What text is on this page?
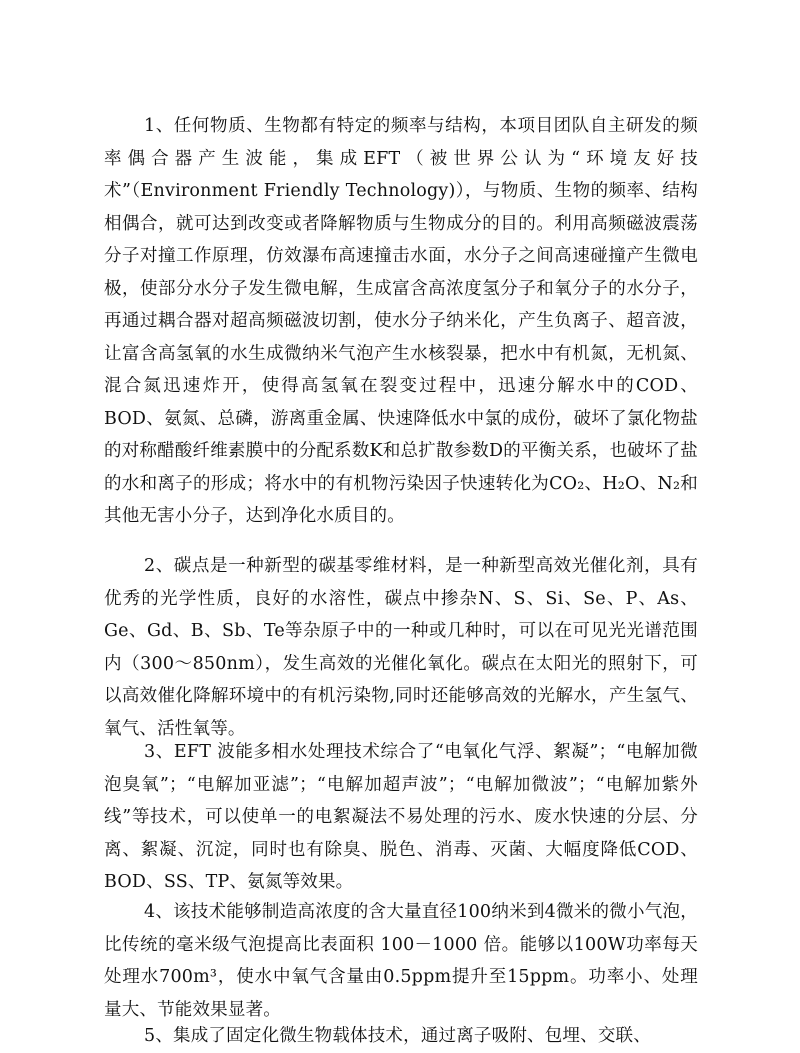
1、任何物质、生物都有特定的频率与结构，本项目团队自主研发的频率偶合器产生波能，集成EFT（被世界公认为“环境友好技术”（Environment Friendly Technology)），与物质、生物的频率、结构相偶合，就可达到改变或者降解物质与生物成分的目的。利用高频磁波震荡分子对撞工作原理，仿效瀑布高速撞击水面，水分子之间高速碰撞产生微电极，使部分水分子发生微电解，生成富含高浓度氢分子和氧分子的水分子，再通过耦合器对超高频磁波切割，使水分子纳米化，产生负离子、超音波，让富含高氢氧的水生成微纳米气泡产生水核裂暴，把水中有机氮，无机氮、混合氮迅速炸开，使得高氢氧在裂变过程中，迅速分解水中的COD、BOD、氨氮、总磷，游离重金属、快速降低水中氯的成份，破坏了氯化物盐的对称醋酸纤维素膜中的分配系数K和总扩散参数D的平衡关系，也破坏了盐的水和离子的形成；将水中的有机物污染因子快速转化为CO₂、H₂O、N₂和其他无害小分子，达到净化水质目的。

2、碳点是一种新型的碳基零维材料，是一种新型高效光催化剂，具有优秀的光学性质，良好的水溶性，碳点中掺杂N、S、Si、Se、P、As、Ge、Gd、B、Sb、Te等杂原子中的一种或几种时，可以在可见光光谱范围内（300～850nm），发生高效的光催化氧化。碳点在太阳光的照射下，可以高效催化降解环境中的有机污染物,同时还能够高效的光解水，产生氢气、氧气、活性氧等。

3、EFT 波能多相水处理技术综合了“电氧化气浮、絮凝”；“电解加微泡臭氧”；“电解加亚滤”；“电解加超声波”；“电解加微波”；“电解加紫外线”等技术，可以使单一的电絮凝法不易处理的污水、废水快速的分层、分离、絮凝、沉淀，同时也有除臭、脱色、消毒、灭菌、大幅度降低COD、BOD、SS、TP、氨氮等效果。

4、该技术能够制造高浓度的含大量直径100纳米到4微米的微小气泡，比传统的毫米级气泡提高比表面积 100－1000 倍。能够以100W功率每天处理水700m³，使水中氧气含量由0.5ppm提升至15ppm。功率小、处理量大、节能效果显著。

5、集成了固定化微生物载体技术，通过离子吸附、包埋、交联、
